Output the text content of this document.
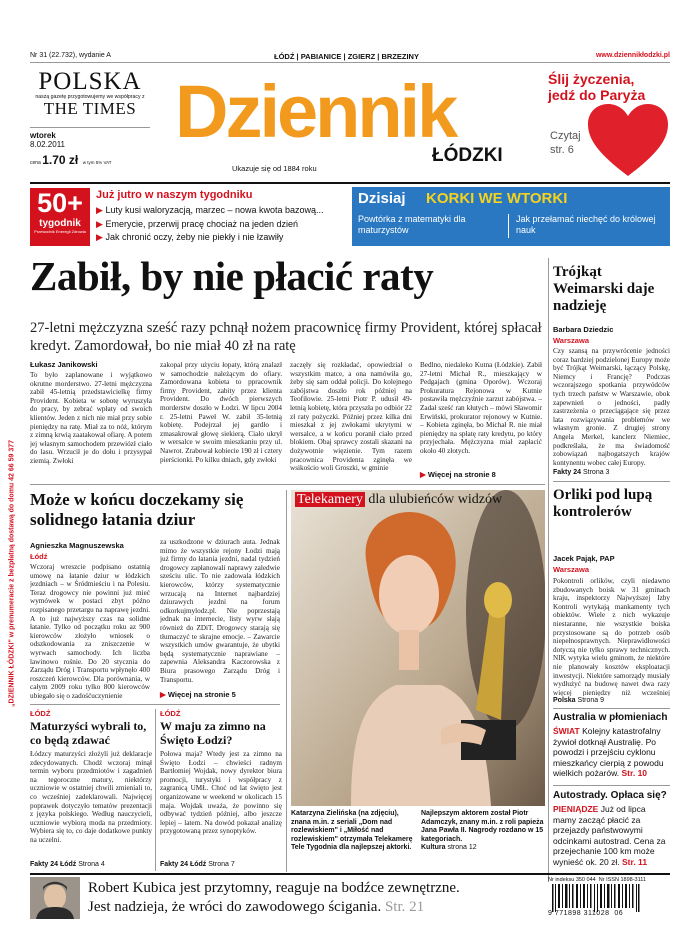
Nr 31 (22.732), wydanie A	ŁÓDŹ | PABIANICE | ZGIERZ | BRZEZINY	www.dziennikłodzki.pl
POLSKA
naszą gazetę przygotowujemy we współpracy z
THE TIMES
wtorek
8.02.2011
cena 1.70 zł w tym 5% VAT
Dziennik
ŁÓDZKI
Ukazuje się od 1884 roku
Ślij życzenia,
jedź do Paryża
Czytaj
str. 6
50+
tygodnik
Przewodnik Eneregii Zdrowia
Już jutro w naszym tygodniku
▶ Luty kusi waloryzacją, marzec – nowa kwota bazową...
▶ Emerycie, przerwij pracę chociaż na jeden dzień
▶ Jak chronić oczy, żeby nie piekły i nie łzawiły
Dzisiaj KORKI WE WTORKI
Powtórka z matematyki dla maturzystów
Jak przełamać niechęć do królowej nauk
„DZIENNIK ŁÓDZKI" w prenumeracie z bezpłatną dostawą do domu 42 66 59 377
Zabił, by nie płacić raty
27-letni mężczyzna sześć razy pchnął nożem pracownicę firmy Provident, której spłacał kredyt. Zamordował, bo nie miał 40 zł na ratę
Łukasz Janikowski
To było zaplanowane i wyjątkowo okrutne morderstwo. 27-letni mężczyzna zabił 45-letnią przedstawicielkę firmy Provident. Kobieta w sobotę wyruszyła do pracy, by zebrać wpłaty od swoich klientów. Jeden z nich nie miał przy sobie pieniędzy na ratę. Miał za to nóż, którym z zimną krwią zaatakował ofiarę. A potem jej własnym samochodem przewiózł ciało do lasu. Wrzucił je do dołu i przysypał ziemią. Zwłoki
zakopał przy użyciu łopaty, którą znalazł w samochodzie należącym do ofiary. Zamordowana kobieta to ppracownik firmy Provident, zabity przez klienta Provident. Do dwóch pierwszych morderstw doszło w Łodzi. W lipcu 2004 r. 25-letni Paweł W. zabił 35-letnią kobietę. Podejrzał jej gardło i zmasakrował głowę siekierą. Ciało ukrył w wersalce w swoim mieszkaniu przy ul. Nawrot. Zrabował kobiecie 190 zł i cztery pierścionki. Po kilku dniach, gdy zwłoki
zaczęły się rozkładać, opowiedział o wszystkim matce, a ona namówiła go, żeby się sam oddał policji. Do kolejnego zabójstwa doszło rok później na Teofilowie. 25-letni Piotr P. udusił 49-letnią kobietę, która przyszła po odbiór 22 zł raty pożyczki. Później przez kilka dni mieszkał z jej zwłokami ukrytymi w wersalce, a w końcu poranił ciało przed blokiem. Obaj sprawcy zostali skazani na dożywotnie więzienie. Tym razem pracownica Providenta zginęła we wsikościo woli Groszki, w gminie
Bedlno, niedaleko Kutna (Łódzkie). Zabił 27-letni Michał R., mieszkający w Pedgajach (gmina Oporów). Wczoraj Prokuratura Rejonowa w Kutnie postawiła mężczyźnie zarzut zabójstwa. – Zadał sześć ran kłutych – mówi Sławomir Erwiński, prokurator rejonowy w Kutnie. – Kobieta zginęła, bo Michał R. nie miał pieniędzy na spłatę raty kredytu, po który przyjechała. Mężczyzna miał zapłacić około 40 złotych.
▶ Więcej na stronie 8
Trójkąt Weimarski daje nadzieję
Barbara Dziedzic
Warszawa
Czy szansą na przywrócenie jedności coraz bardziej podzielonej Europy może być Trójkąt Weimarski, łączący Polskę, Niemcy i Francję? Podczas wczorajszego spotkania przywódców tych trzech państw w Warszawie, obok zapewnień o jedności, padły zastrzeżenia o przeciągające się przez lata rozwiązywania problemów we własnym gronie. Z drugiej strony Angela Merkel, kanclerz Niemiec, podkreślała, że ma świadomość zobowiązań najbogatszych krajów kontynentu wobec całej Europy.
Fakty 24 Strona 3
Orliki pod lupą kontrolerów
Jacek Pająk, PAP
Warszawa
Pokontroli orlików, czyli niedawno zbudowanych boisk w 31 gminach kraju, inspektorzy Najwyższej Izby Kontroli wytykają mankamenty tych obiektów. Wiele z nich wykazuje niestaranne, nie wszystkie boiska przystosowane są do potrzeb osób niepełnosprawnych. Nieprawidłowości dotyczą nie tylko sprawy technicznych. NIK wytyka wielu gminom, że niektóre nie planowały kosztów eksploatacji inwestycji. Niektóre samorządy musiały wydłużyć na budowę nawet dwa razy więcej pieniędzy niż wcześniej
Polska Strona 9
Australia w płomieniach
ŚWIAT Kolejny katastrofalny żywioł dotknął Australię. Po powodzi i przejściu cyklonu mieszkańcy cierpią z powodu wielkich pożarów. Str. 10
Autostrady. Opłaca się?
PIENIĄDZE Już od lipca mamy zacząć płacić za przejazdy państwowymi odcinkami autostrad. Cena za przejechanie 100 km może wynieść ok. 20 zł. Str. 11
Może w końcu doczekamy się solidnego łatania dziur
Agnieszka Magnuszewska
Łódź
Wczoraj wreszcie podpisano ostatnią umowę na łatanie dziur w łódzkich jezdniach – w Śródmieściu i na Polesiu. Teraz drogowcy nie powinni już mieć wymówek w postaci zbyt późno rozpisanego przetargu na naprawę jezdni. A to już najwyższy czas na solidne łatanie. Tylko od początku roku az 900 kierowców złożyło wniosek o odszkodowania za zniszczenie w wyrwach samochody. Ich liczba lawinowo rośnie. Do 20 stycznia do Zarządu Dróg i Transportu wpłynęło 400 roszczeń kierowców. Dla porównania, w całym 2009 roku tylko 800 kierowców ubiegało się o zadośćuczynienie
za uszkodzone w dziurach auta. Jednak mimo że wszystkie rejony Łodzi mają już firmy do łatania jezdni, nadal tydzień drogowcy zapłanowali naprawy zaledwie sześciu ulic. To nie zadowala łódzkich kierowców, którzy systematycznie wrzucają na Internet najbardziej dziurawych jezdni na forum odkorkujmylodz.pl. Nie poprzestają jednak na internecie, listy wyrw słają również do ZDiT. Drogowcy starają się tłumaczyć te skrajne emocje. – Zawarcie wszystkich umów gwarantuje, że ubytki będą systematycznie naprawiane – zapewnia Aleksandra Kaczorowska z Biura prasowego Zarządu Dróg i Transportu.
▶ Więcej na stronie 5
ŁÓDŹ
Maturzyści wybrali to, co będą zdawać
Łódzcy maturzyści złożyli już deklaracje zdecydowanych. Chodź wczoraj minął termin wyboru przedmiotów i zagadnień na tegoroczne matury, niektórzy uczniowie w ostatniej chwili zmieniali to, co wcześniej zadeklarowali. Najwięcej poprawek dotyczyło tematów prezentacji z języka polskiego. Według nauczycieli, uczniowie wybiorą moda na przedmioty. Wybiera się to, co daje dodatkowe punkty na uczelni.
Fakty 24 Łódź Strona 4
ŁÓDŹ
W maju za zimno na Święto Łodzi?
Połowa maja? Wtedy jest za zimno na Święto Łodzi – chwieści radnym Bartłomiej Wojdak, nowy dyrektor biura promocji, turystyki i współpracy z zagranicą UMŁ. Choć od lat święto jest organizowane w weekend w okolicach 15 maja. Wojdak uważa, że powinno się odbywać tydzień później, albo jeszcze lepiej – latem. Na dowód pokazał analizę przygotowaną przez synoptyków.
Fakty 24 Łódź Strona 7
Telekamery dla ulubieńców widzów
Katarzyna Zielińska (na zdjęciu), znana m.in. z seriali „Dom nad rozlewiskiem" i „Miłość nad rozlewiskiem" otrzymała Telekamerę Tele Tygodnia dla najlepszej aktorki.
Najlepszym aktorem został Piotr Adamczyk, znany m.in. z roli papieża Jana Pawła II. Nagrody rozdano w 15 kategoriach.
Kultura strona 12
Robert Kubica jest przytomny, reaguje na bodźce zewnętrzne.
Jest nadzieja, że wróci do zawodowego ścigania. Str. 21
Nr indeksu 350 044 Nr ISSN 1898-3111
9 771898 311028 06
